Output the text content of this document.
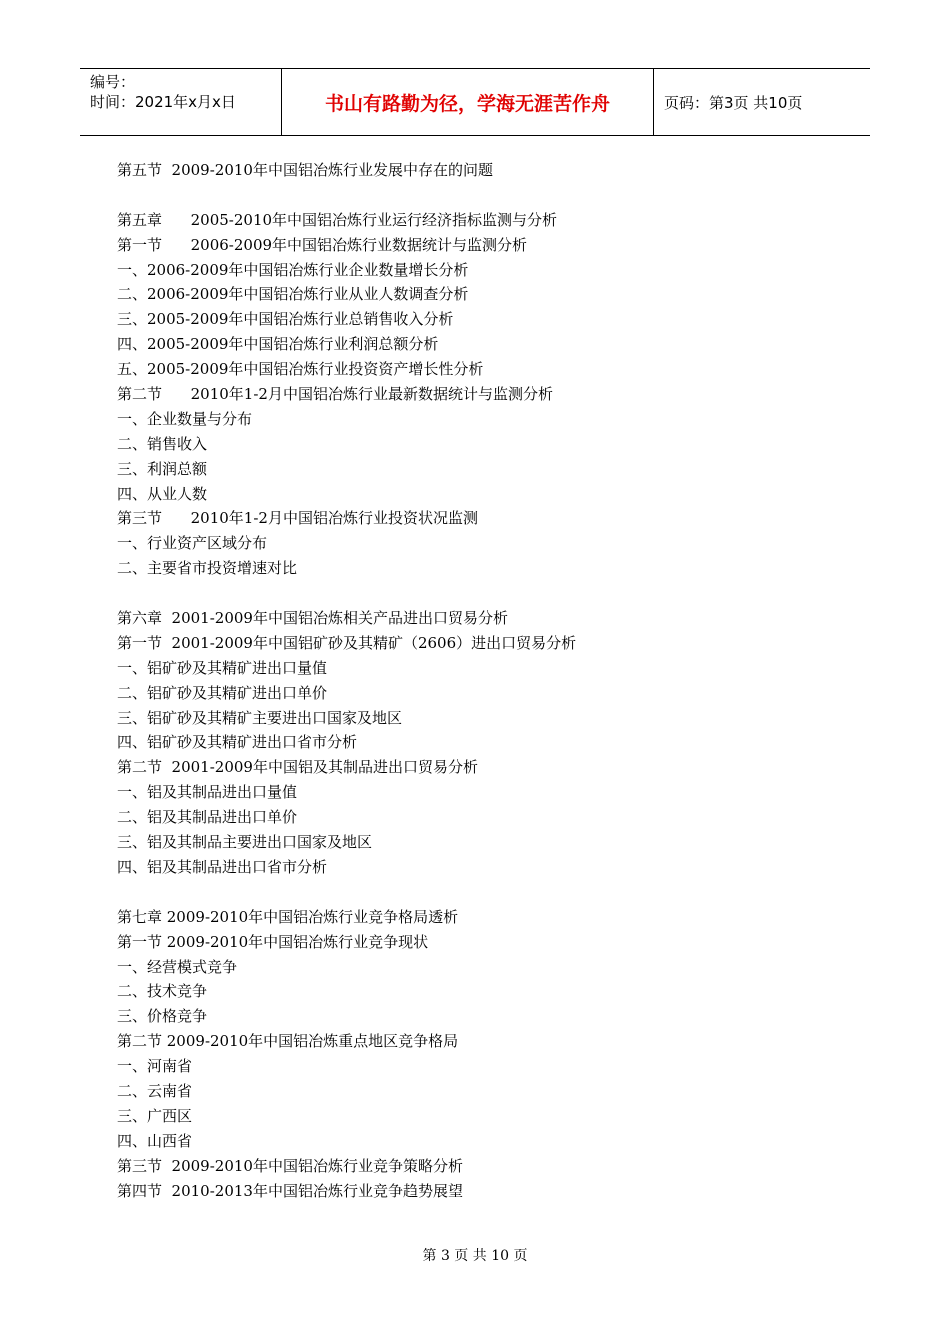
编号：
时间：2021年x月x日	书山有路勤为径，学海无涯苦作舟	页码：第3页 共10页
第五节  2009-2010年中国铝冶炼行业发展中存在的问题
第五章      2005-2010年中国铝冶炼行业运行经济指标监测与分析
第一节      2006-2009年中国铝冶炼行业数据统计与监测分析
一、2006-2009年中国铝冶炼行业企业数量增长分析
二、2006-2009年中国铝冶炼行业从业人数调查分析
三、2005-2009年中国铝冶炼行业总销售收入分析
四、2005-2009年中国铝冶炼行业利润总额分析
五、2005-2009年中国铝冶炼行业投资资产增长性分析
第二节      2010年1-2月中国铝冶炼行业最新数据统计与监测分析
一、企业数量与分布
二、销售收入
三、利润总额
四、从业人数
第三节      2010年1-2月中国铝冶炼行业投资状况监测
一、行业资产区域分布
二、主要省市投资增速对比
第六章  2001-2009年中国铝冶炼相关产品进出口贸易分析
第一节  2001-2009年中国铝矿砂及其精矿（2606）进出口贸易分析
一、铝矿砂及其精矿进出口量值
二、铝矿砂及其精矿进出口单价
三、铝矿砂及其精矿主要进出口国家及地区
四、铝矿砂及其精矿进出口省市分析
第二节  2001-2009年中国铝及其制品进出口贸易分析
一、铝及其制品进出口量值
二、铝及其制品进出口单价
三、铝及其制品主要进出口国家及地区
四、铝及其制品进出口省市分析
第七章 2009-2010年中国铝冶炼行业竞争格局透析
第一节 2009-2010年中国铝冶炼行业竞争现状
一、经营模式竞争
二、技术竞争
三、价格竞争
第二节 2009-2010年中国铝冶炼重点地区竞争格局
一、河南省
二、云南省
三、广西区
四、山西省
第三节  2009-2010年中国铝冶炼行业竞争策略分析
第四节  2010-2013年中国铝冶炼行业竞争趋势展望
第 3 页 共 10 页
